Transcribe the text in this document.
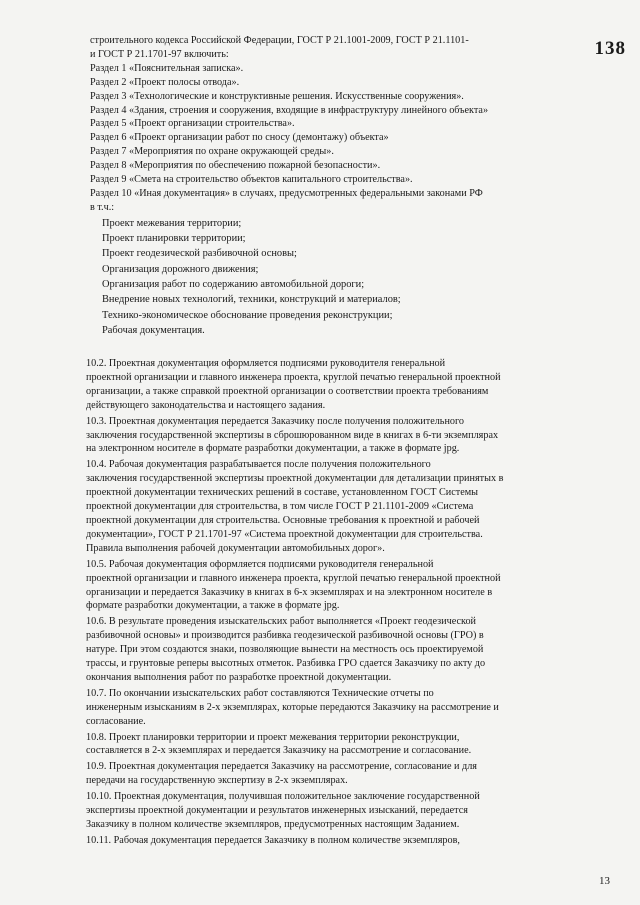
138
строительного кодекса Российской Федерации, ГОСТ Р 21.1001-2009, ГОСТ Р 21.1101-
и ГОСТ Р 21.1701-97 включить:
Раздел 1 «Пояснительная записка».
Раздел 2 «Проект полосы отвода».
Раздел 3 «Технологические и конструктивные решения. Искусственные сооружения».
Раздел 4 «Здания, строения и сооружения, входящие в инфраструктуру линейного объекта»
Раздел 5 «Проект организации строительства».
Раздел 6 «Проект организации работ по сносу (демонтажу) объекта»
Раздел 7 «Мероприятия по охране окружающей среды».
Раздел 8 «Мероприятия по обеспечению пожарной безопасности».
Раздел 9 «Смета на строительство объектов капитального строительства».
Раздел 10 «Иная документация» в случаях, предусмотренных федеральными законами РФ
в т.ч.:
Проект межевания территории;
Проект планировки территории;
Проект геодезической разбивочной основы;
Организация дорожного движения;
Организация работ по содержанию автомобильной дороги;
Внедрение новых технологий, техники, конструкций и материалов;
Технико-экономическое обоснование проведения реконструкции;
Рабочая документация.
10.2. Проектная документация оформляется подписями руководителя генеральной
проектной организации и главного инженера проекта, круглой печатью генеральной проектной
организации, а также справкой проектной организации о соответствии проекта требованиям
действующего законодательства и настоящего задания.
10.3. Проектная документация передается Заказчику после получения положительного
заключения государственной экспертизы в сброшюрованном виде в книгах в 6-ти экземплярах
на электронном носителе в формате разработки документации, а также в формате jpg.
10.4. Рабочая документация разрабатывается после получения положительного
заключения государственной экспертизы проектной документации для детализации принятых в
проектной документации технических решений в составе, установленном ГОСТ Системы
проектной документации для строительства, в том числе ГОСТ Р 21.1101-2009 «Система
проектной документации для строительства. Основные требования к проектной и рабочей
документации», ГОСТ Р 21.1701-97 «Система проектной документации для строительства.
Правила выполнения рабочей документации автомобильных дорог».
10.5. Рабочая документация оформляется подписями руководителя генеральной
проектной организации и главного инженера проекта, круглой печатью генеральной проектной
организации и передается Заказчику в книгах в 6-х экземплярах и на электронном носителе в
формате разработки документации, а также в формате jpg.
10.6. В результате проведения изыскательских работ выполняется «Проект геодезической
разбивочной основы» и производится разбивка геодезической разбивочной основы (ГРО) в
натуре. При этом создаются знаки, позволяющие вынести на местность ось проектируемой
трассы, и грунтовые реперы высотных отметок. Разбивка ГРО сдается Заказчику по акту до
окончания выполнения работ по разработке проектной документации.
10.7. По окончании изыскательских работ составляются Технические отчеты по
инженерным изысканиям в 2-х экземплярах, которые передаются Заказчику на рассмотрение и
согласование.
10.8. Проект планировки территории и проект межевания территории реконструкции,
составляется в 2-х экземплярах и передается Заказчику на рассмотрение и согласование.
10.9. Проектная документация передается Заказчику на рассмотрение, согласование и для
передачи на государственную экспертизу в 2-х экземплярах.
10.10. Проектная документация, получившая положительное заключение государственной
экспертизы проектной документации и результатов инженерных изысканий, передается
Заказчику в полном количестве экземпляров, предусмотренных настоящим Заданием.
10.11. Рабочая документация передается Заказчику в полном количестве экземпляров,
13
